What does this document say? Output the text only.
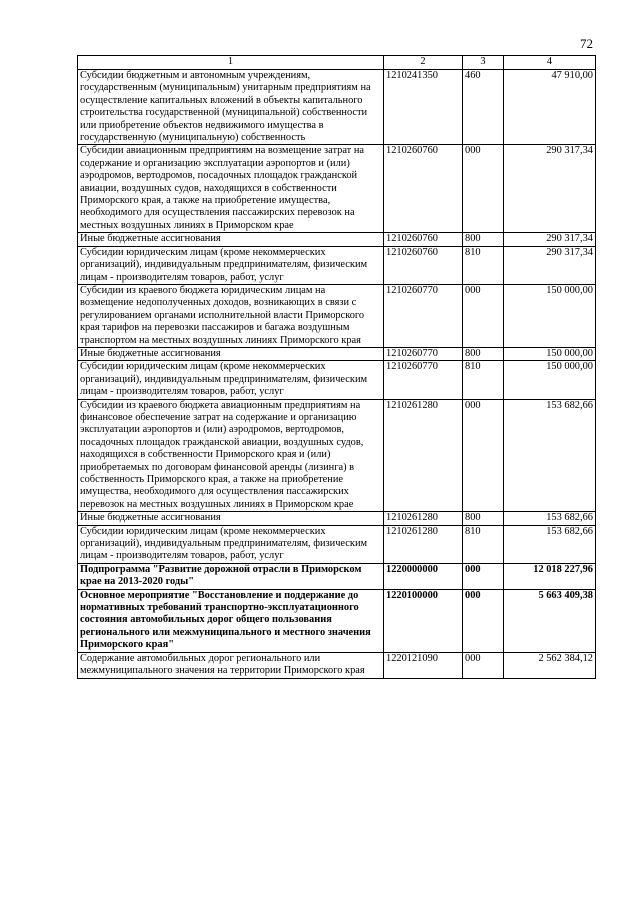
72
1	2	3	4
Субсидии бюджетным и автономным учреждениям, государственным (муниципальным) унитарным предприятиям на осуществление капитальных вложений в объекты капитального строительства государственной (муниципальной) собственности или приобретение объектов недвижимого имущества в государственную (муниципальную) собственность	1210241350	460	47 910,00
Субсидии авиационным предприятиям на возмещение затрат на содержание и организацию эксплуатации аэропортов и (или) аэродромов, вертодромов, посадочных площадок гражданской авиации, воздушных судов, находящихся в собственности Приморского края, а также на приобретение имущества, необходимого для осуществления пассажирских перевозок на местных воздушных линиях в Приморском крае	1210260760	000	290 317,34
Иные бюджетные ассигнования	1210260760	800	290 317,34
Субсидии юридическим лицам (кроме некоммерческих организаций), индивидуальным предпринимателям, физическим лицам - производителям товаров, работ, услуг	1210260760	810	290 317,34
Субсидии из краевого бюджета юридическим лицам на возмещение недополученных доходов, возникающих в связи с регулированием органами исполнительной власти Приморского края тарифов на перевозки пассажиров и багажа воздушным транспортом на местных воздушных линиях Приморского края	1210260770	000	150 000,00
Иные бюджетные ассигнования	1210260770	800	150 000,00
Субсидии юридическим лицам (кроме некоммерческих организаций), индивидуальным предпринимателям, физическим лицам - производителям товаров, работ, услуг	1210260770	810	150 000,00
Субсидии из краевого бюджета авиационным предприятиям на финансовое обеспечение затрат на содержание и организацию эксплуатации аэропортов и (или) аэродромов, вертодромов, посадочных площадок гражданской авиации, воздушных судов, находящихся в собственности Приморского края и (или) приобретаемых по договорам финансовой аренды (лизинга) в собственность Приморского края, а также на приобретение имущества, необходимого для осуществления пассажирских перевозок на местных воздушных линиях в Приморском крае	1210261280	000	153 682,66
Иные бюджетные ассигнования	1210261280	800	153 682,66
Субсидии юридическим лицам (кроме некоммерческих организаций), индивидуальным предпринимателям, физическим лицам - производителям товаров, работ, услуг	1210261280	810	153 682,66
Подпрограмма "Развитие дорожной отрасли в Приморском крае на 2013-2020 годы"	1220000000	000	12 018 227,96
Основное мероприятие "Восстановление и поддержание до нормативных требований транспортно-эксплуатационного состояния автомобильных дорог общего пользования регионального или межмуниципального и местного значения Приморского края"	1220100000	000	5 663 409,38
Содержание автомобильных дорог регионального или межмуниципального значения на территории Приморского края	1220121090	000	2 562 384,12
